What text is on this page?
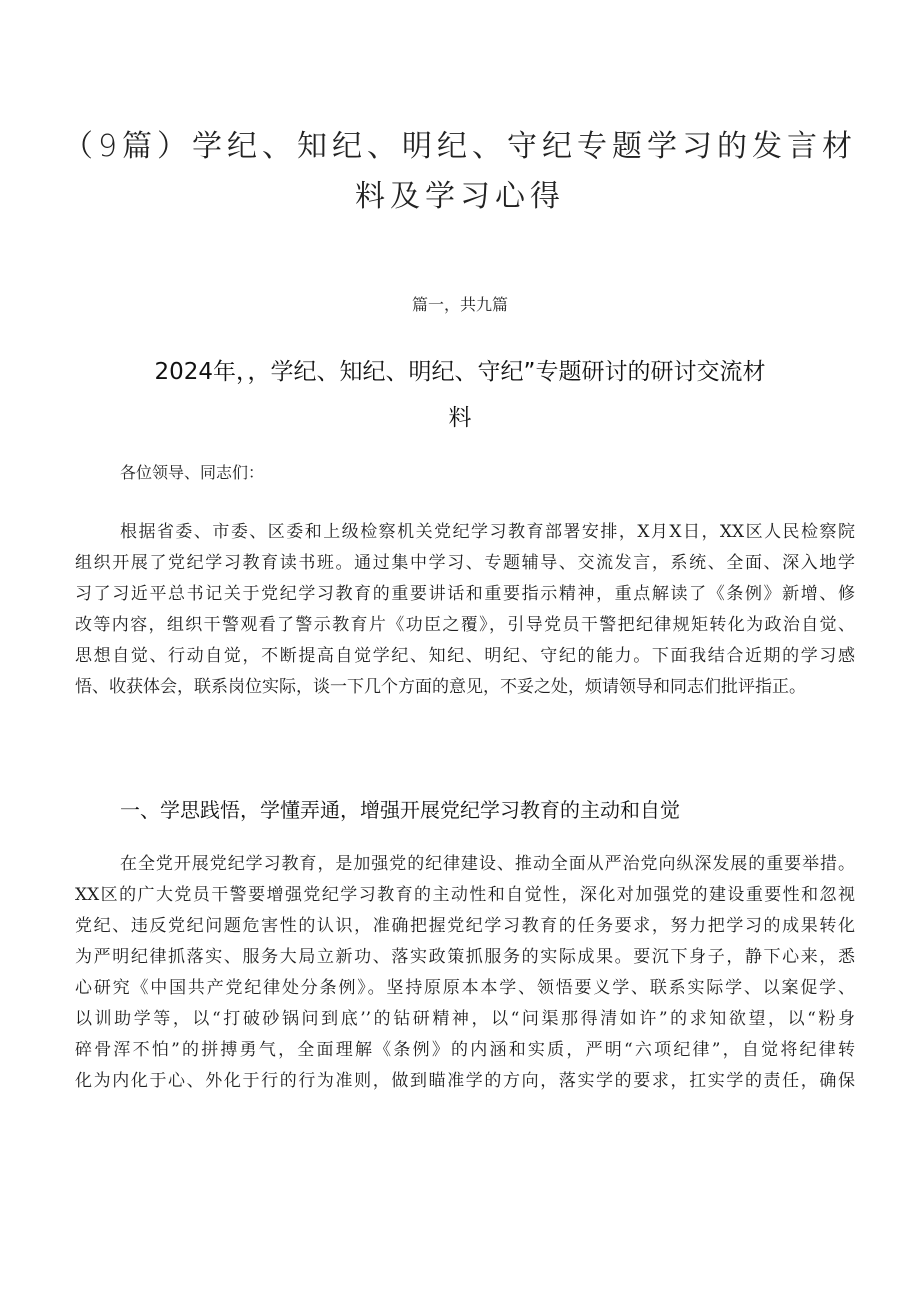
（9篇）学纪、知纪、明纪、守纪专题学习的发言材
料及学习心得
篇一，共九篇
2024年，，学纪、知纪、明纪、守纪”专题研讨的研讨交流材
料
各位领导、同志们：
根据省委、市委、区委和上级检察机关党纪学习教育部署安排，X月X日，XX区人民检察院
组织开展了党纪学习教育读书班。通过集中学习、专题辅导、交流发言，系统、全面、深入地学
习了习近平总书记关于党纪学习教育的重要讲话和重要指示精神，重点解读了《条例》新增、修
改等内容，组织干警观看了警示教育片《功臣之覆》，引导党员干警把纪律规矩转化为政治自觉、
思想自觉、行动自觉，不断提高自觉学纪、知纪、明纪、守纪的能力。下面我结合近期的学习感
悟、收获体会，联系岗位实际，谈一下几个方面的意见，不妥之处，烦请领导和同志们批评指正。
一、学思践悟，学懂弄通，增强开展党纪学习教育的主动和自觉
在全党开展党纪学习教育，是加强党的纪律建设、推动全面从严治党向纵深发展的重要举措。
XX区的广大党员干警要增强党纪学习教育的主动性和自觉性，深化对加强党的建设重要性和忽视
党纪、违反党纪问题危害性的认识，准确把握党纪学习教育的任务要求，努力把学习的成果转化
为严明纪律抓落实、服务大局立新功、落实政策抓服务的实际成果。要沉下身子，静下心来，悉
心研究《中国共产党纪律处分条例》。坚持原原本本学、领悟要义学、联系实际学、以案促学、
以训助学等，以“打破砂锅问到底’’的钻研精神，以“问渠那得清如许”的求知欲望，以“粉身
碎骨浑不怕”的拼搏勇气，全面理解《条例》的内涵和实质，严明“六项纪律”，自觉将纪律转
化为内化于心、外化于行的行为准则，做到瞄准学的方向，落实学的要求，扛实学的责任，确保
